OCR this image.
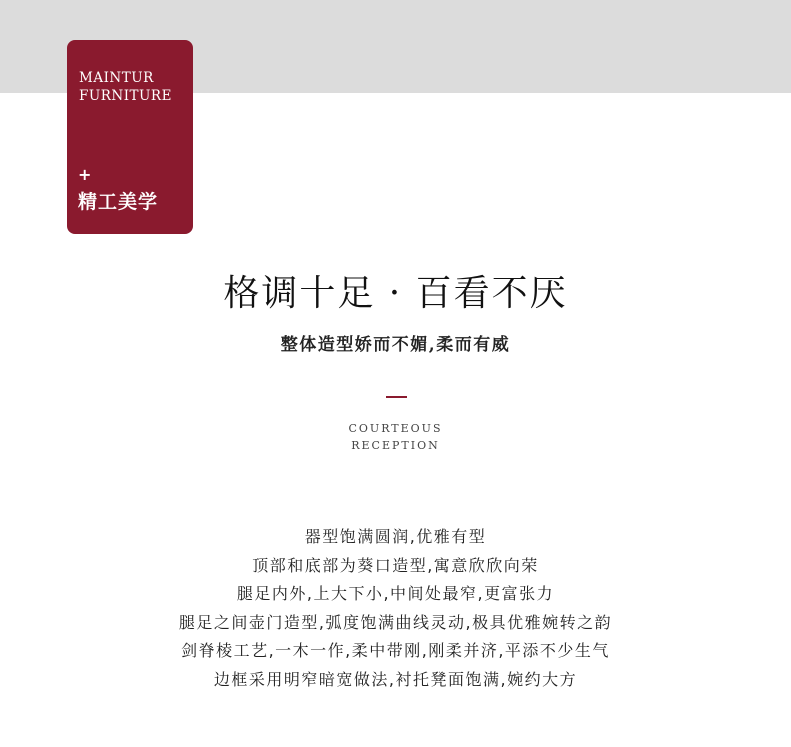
MAINTUR
FURNITURE
+
精工美学
格调十足 · 百看不厌
整体造型娇而不媚,柔而有威
COURTEOUS
RECEPTION
器型饱满圆润,优雅有型
顶部和底部为葵口造型,寓意欣欣向荣
腿足内外,上大下小,中间处最窄,更富张力
腿足之间壶门造型,弧度饱满曲线灵动,极具优雅婉转之韵
剑脊棱工艺,一木一作,柔中带刚,刚柔并济,平添不少生气
边框采用明窄暗宽做法,衬托凳面饱满,婉约大方
